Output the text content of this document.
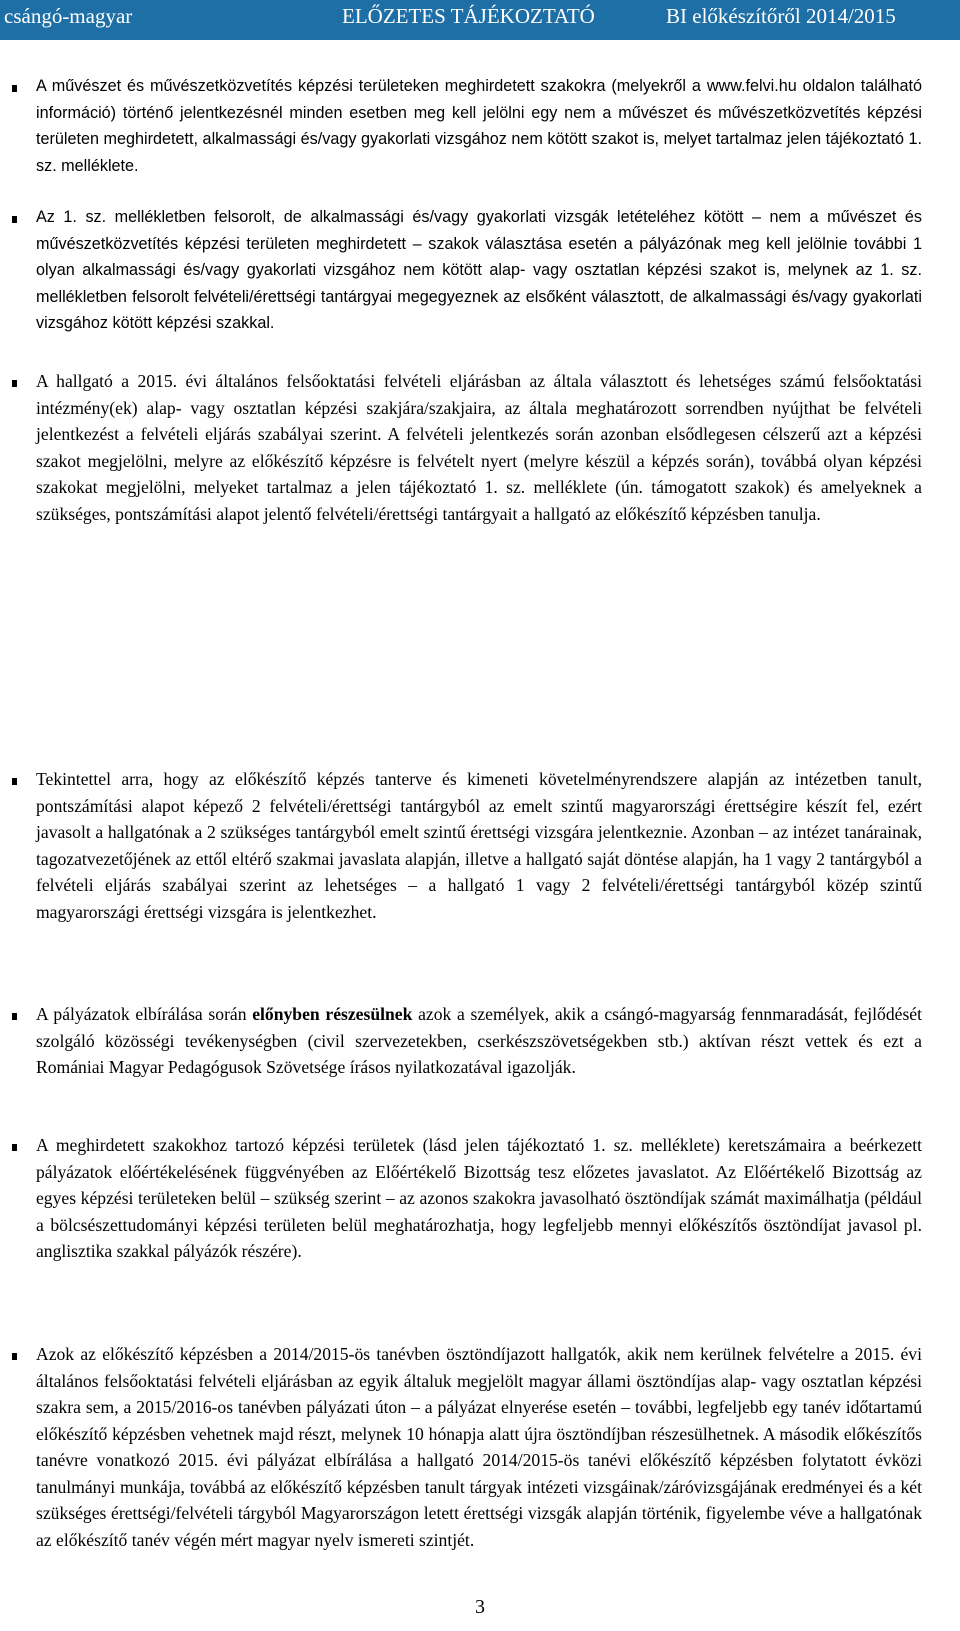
csángó-magyar	ELŐZETES TÁJÉKOZTATÓ	BI előkészítőről 2014/2015
A művészet és művészetközvetítés képzési területeken meghirdetett szakokra (melyekről a www.felvi.hu oldalon található információ) történő jelentkezésnél minden esetben meg kell jelölni egy nem a művészet és művészetközvetítés képzési területen meghirdetett, alkalmassági és/vagy gyakorlati vizsgához nem kötött szakot is, melyet tartalmaz jelen tájékoztató 1. sz. melléklete.
Az 1. sz. mellékletben felsorolt, de alkalmassági és/vagy gyakorlati vizsgák letételéhez kötött – nem a művészet és művészetközvetítés képzési területen meghirdetett – szakok választása esetén a pályázónak meg kell jelölnie további 1 olyan alkalmassági és/vagy gyakorlati vizsgához nem kötött alap- vagy osztatlan képzési szakot is, melynek az 1. sz. mellékletben felsorolt felvételi/érettségi tantárgyai megegyeznek az elsőként választott, de alkalmassági és/vagy gyakorlati vizsgához kötött képzési szakkal.
A hallgató a 2015. évi általános felsőoktatási felvételi eljárásban az általa választott és lehetséges számú felsőoktatási intézmény(ek) alap- vagy osztatlan képzési szakjára/szakjaira, az általa meghatározott sorrendben nyújthat be felvételi jelentkezést a felvételi eljárás szabályai szerint. A felvételi jelentkezés során azonban elsődlegesen célszerű azt a képzési szakot megjelölni, melyre az előkészítő képzésre is felvételt nyert (melyre készül a képzés során), továbbá olyan képzési szakokat megjelölni, melyeket tartalmaz a jelen tájékoztató 1. sz. melléklete (ún. támogatott szakok) és amelyeknek a szükséges, pontszámítási alapot jelentő felvételi/érettségi tantárgyait a hallgató az előkészítő képzésben tanulja.
Tekintettel arra, hogy az előkészítő képzés tanterve és kimeneti követelményrendszere alapján az intézetben tanult, pontszámítási alapot képező 2 felvételi/érettségi tantárgyból az emelt szintű magyarországi érettségire készít fel, ezért javasolt a hallgatónak a 2 szükséges tantárgyból emelt szintű érettségi vizsgára jelentkeznie. Azonban – az intézet tanárainak, tagozatvezetőjének az ettől eltérő szakmai javaslata alapján, illetve a hallgató saját döntése alapján, ha 1 vagy 2 tantárgyból a felvételi eljárás szabályai szerint az lehetséges – a hallgató 1 vagy 2 felvételi/érettségi tantárgyból közép szintű magyarországi érettségi vizsgára is jelentkezhet.
A pályázatok elbírálása során előnyben részesülnek azok a személyek, akik a csángó-magyarság fennmaradását, fejlődését szolgáló közösségi tevékenységben (civil szervezetekben, cserkészszövetségekben stb.) aktívan részt vettek és ezt a Romániai Magyar Pedagógusok Szövetsége írásos nyilatkozatával igazolják.
A meghirdetett szakokhoz tartozó képzési területek (lásd jelen tájékoztató 1. sz. melléklete) keretszámaira a beérkezett pályázatok előértékelésének függvényében az Előértékelő Bizottság tesz előzetes javaslatot. Az Előértékelő Bizottság az egyes képzési területeken belül – szükség szerint – az azonos szakokra javasolható ösztöndíjak számát maximálhatja (például a bölcsészettudományi képzési területen belül meghatározhatja, hogy legfeljebb mennyi előkészítős ösztöndíjat javasol pl. anglisztika szakkal pályázók részére).
Azok az előkészítő képzésben a 2014/2015-ös tanévben ösztöndíjazott hallgatók, akik nem kerülnek felvételre a 2015. évi általános felsőoktatási felvételi eljárásban az egyik általuk megjelölt magyar állami ösztöndíjas alap- vagy osztatlan képzési szakra sem, a 2015/2016-os tanévben pályázati úton – a pályázat elnyerése esetén – további, legfeljebb egy tanév időtartamú előkészítő képzésben vehetnek majd részt, melynek 10 hónapja alatt újra ösztöndíjban részesülhetnek. A második előkészítős tanévre vonatkozó 2015. évi pályázat elbírálása a hallgató 2014/2015-ös tanévi előkészítő képzésben folytatott évközi tanulmányi munkája, továbbá az előkészítő képzésben tanult tárgyak intézeti vizsgáinak/záróvizsgájának eredményei és a két szükséges érettségi/felvételi tárgyból Magyarországon letett érettségi vizsgák alapján történik, figyelembe véve a hallgatónak az előkészítő tanév végén mért magyar nyelv ismereti szintjét.
3
